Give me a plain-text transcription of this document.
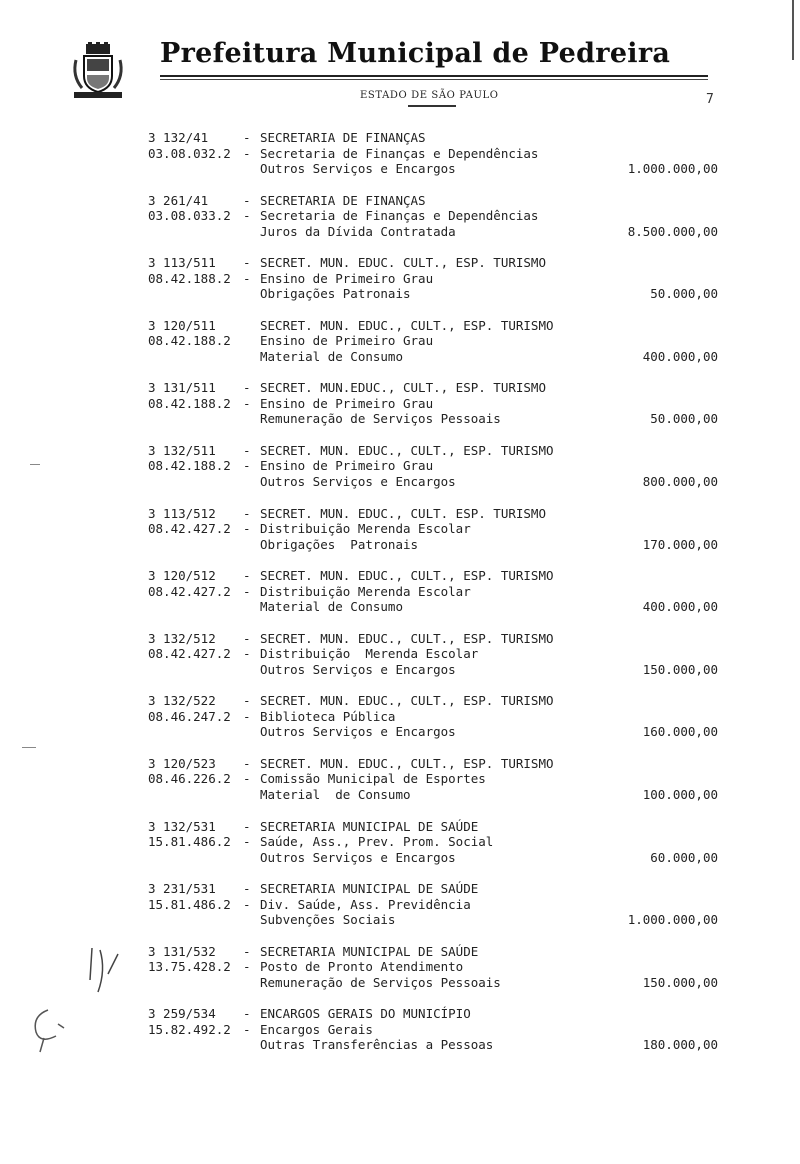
Prefeitura Municipal de Pedreira
ESTADO DE SÃO PAULO	7
3 132/41	- SECRETARIA DE FINANÇAS
03.08.032.2 - Secretaria de Finanças e Dependências
Outros Serviços e Encargos	1.000.000,00
3 261/41	- SECRETARIA DE FINANÇAS
03.08.033.2 - Secretaria de Finanças e Dependências
Juros da Dívida Contratada	8.500.000,00
3 113/511 - SECRET. MUN. EDUC. CULT., ESP. TURISMO
08.42.188.2 - Ensino de Primeiro Grau
Obrigações Patronais	50.000,00
3 120/511	SECRET. MUN. EDUC., CULT., ESP. TURISMO
08.42.188.2 Ensino de Primeiro Grau
Material de Consumo	400.000,00
3 131/511 - SECRET. MUN.EDUC., CULT., ESP. TURISMO
08.42.188.2 - Ensino de Primeiro Grau
Remuneração de Serviços Pessoais	50.000,00
3 132/511 - SECRET. MUN. EDUC., CULT., ESP. TURISMO
08.42.188.2 - Ensino de Primeiro Grau
Outros Serviços e Encargos	800.000,00
3 113/512 - SECRET. MUN. EDUC., CULT. ESP. TURISMO
08.42.427.2 - Distribuição Merenda Escolar
Obrigações  Patronais	170.000,00
3 120/512 - SECRET. MUN. EDUC., CULT., ESP. TURISMO
08.42.427.2 - Distribuição Merenda Escolar
Material de Consumo	400.000,00
3 132/512 - SECRET. MUN. EDUC., CULT., ESP. TURISMO
08.42.427.2 - Distribuição  Merenda Escolar
Outros Serviços e Encargos	150.000,00
3 132/522 - SECRET. MUN. EDUC., CULT., ESP. TURISMO
08.46.247.2 - Biblioteca Pública
Outros Serviços e Encargos	160.000,00
3 120/523 - SECRET. MUN. EDUC., CULT., ESP. TURISMO
08.46.226.2 - Comissão Municipal de Esportes
Material  de Consumo	100.000,00
3 132/531 - SECRETARIA MUNICIPAL DE SAÚDE
15.81.486.2 - Saúde, Ass., Prev. Prom. Social
Outros Serviços e Encargos	60.000,00
3 231/531 - SECRETARIA MUNICIPAL DE SAÚDE
15.81.486.2 - Div. Saúde, Ass. Previdência
Subvenções Sociais	1.000.000,00
3 131/532 - SECRETARIA MUNICIPAL DE SAÚDE
13.75.428.2 - Posto de Pronto Atendimento
Remuneração de Serviços Pessoais	150.000,00
3 259/534 - ENCARGOS GERAIS DO MUNICÍPIO
15.82.492.2 - Encargos Gerais
Outras Transferências a Pessoas	180.000,00
